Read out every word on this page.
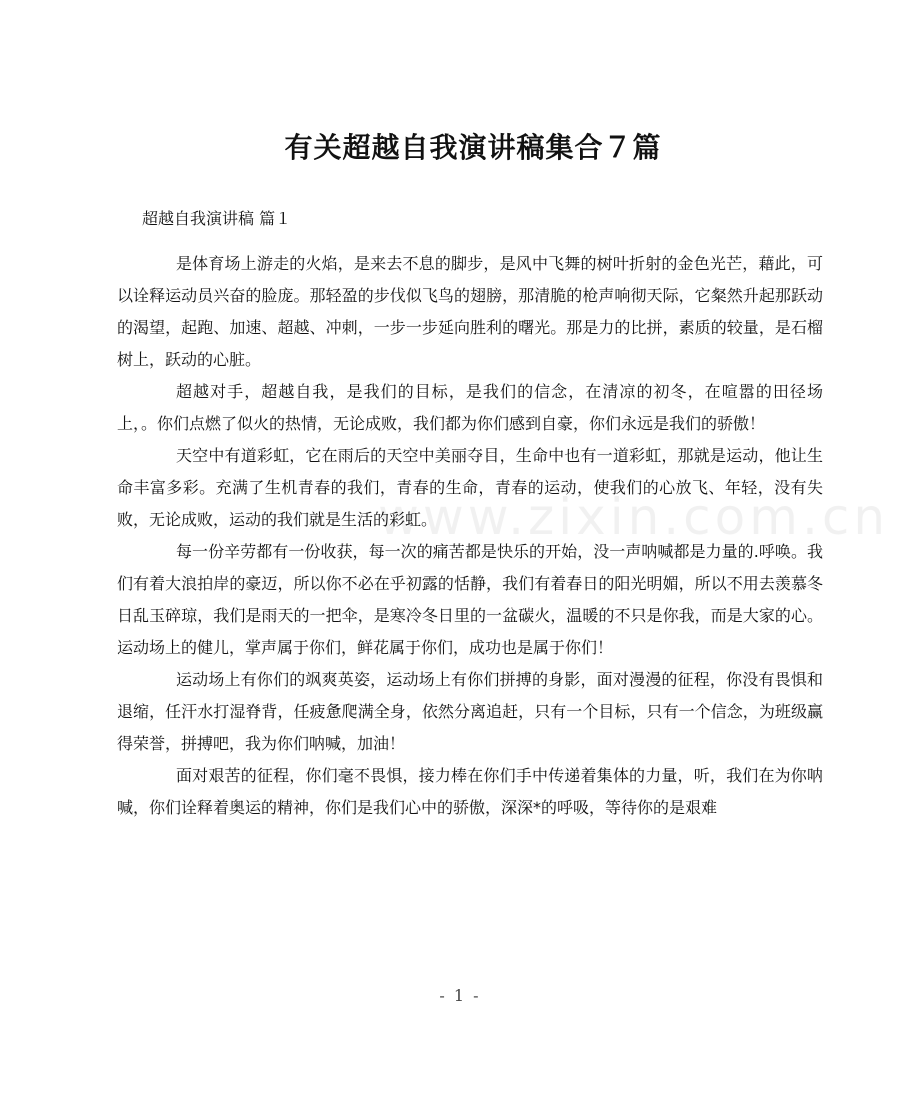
有关超越自我演讲稿集合７篇

超越自我演讲稿 篇１

是体育场上游走的火焰，是来去不息的脚步，是风中飞舞的树叶折射的金色光芒，藉此，可以诠释运动员兴奋的脸庞。那轻盈的步伐似飞鸟的翅膀，那清脆的枪声响彻天际，它粲然升起那跃动的渴望，起跑、加速、超越、冲刺，一步一步延向胜利的曙光。那是力的比拼，素质的较量，是石榴树上，跃动的心脏。

超越对手，超越自我，是我们的目标，是我们的信念，在清凉的初冬，在喧嚣的田径场上，。你们点燃了似火的热情，无论成败，我们都为你们感到自豪，你们永远是我们的骄傲！

天空中有道彩虹，它在雨后的天空中美丽夺目，生命中也有一道彩虹，那就是运动，他让生命丰富多彩。充满了生机青春的我们，青春的生命，青春的运动，使我们的心放飞、年轻，没有失败，无论成败，运动的我们就是生活的彩虹。

每一份辛劳都有一份收获，每一次的痛苦都是快乐的开始，没一声呐喊都是力量的.呼唤。我们有着大浪拍岸的豪迈，所以你不必在乎初露的恬静，我们有着春日的阳光明媚，所以不用去羡慕冬日乱玉碎琼，我们是雨天的一把伞，是寒冷冬日里的一盆碳火，温暖的不只是你我，而是大家的心。运动场上的健儿，掌声属于你们，鲜花属于你们，成功也是属于你们！

运动场上有你们的飒爽英姿，运动场上有你们拼搏的身影，面对漫漫的征程，你没有畏惧和退缩，任汗水打湿脊背，任疲惫爬满全身，依然分离追赶，只有一个目标，只有一个信念，为班级赢得荣誉，拼搏吧，我为你们呐喊，加油！

面对艰苦的征程，你们毫不畏惧，接力棒在你们手中传递着集体的力量，听，我们在为你呐喊，你们诠释着奥运的精神，你们是我们心中的骄傲，深深*的呼吸，等待你的是艰难

www.zixin.com.cn
- 1 -
